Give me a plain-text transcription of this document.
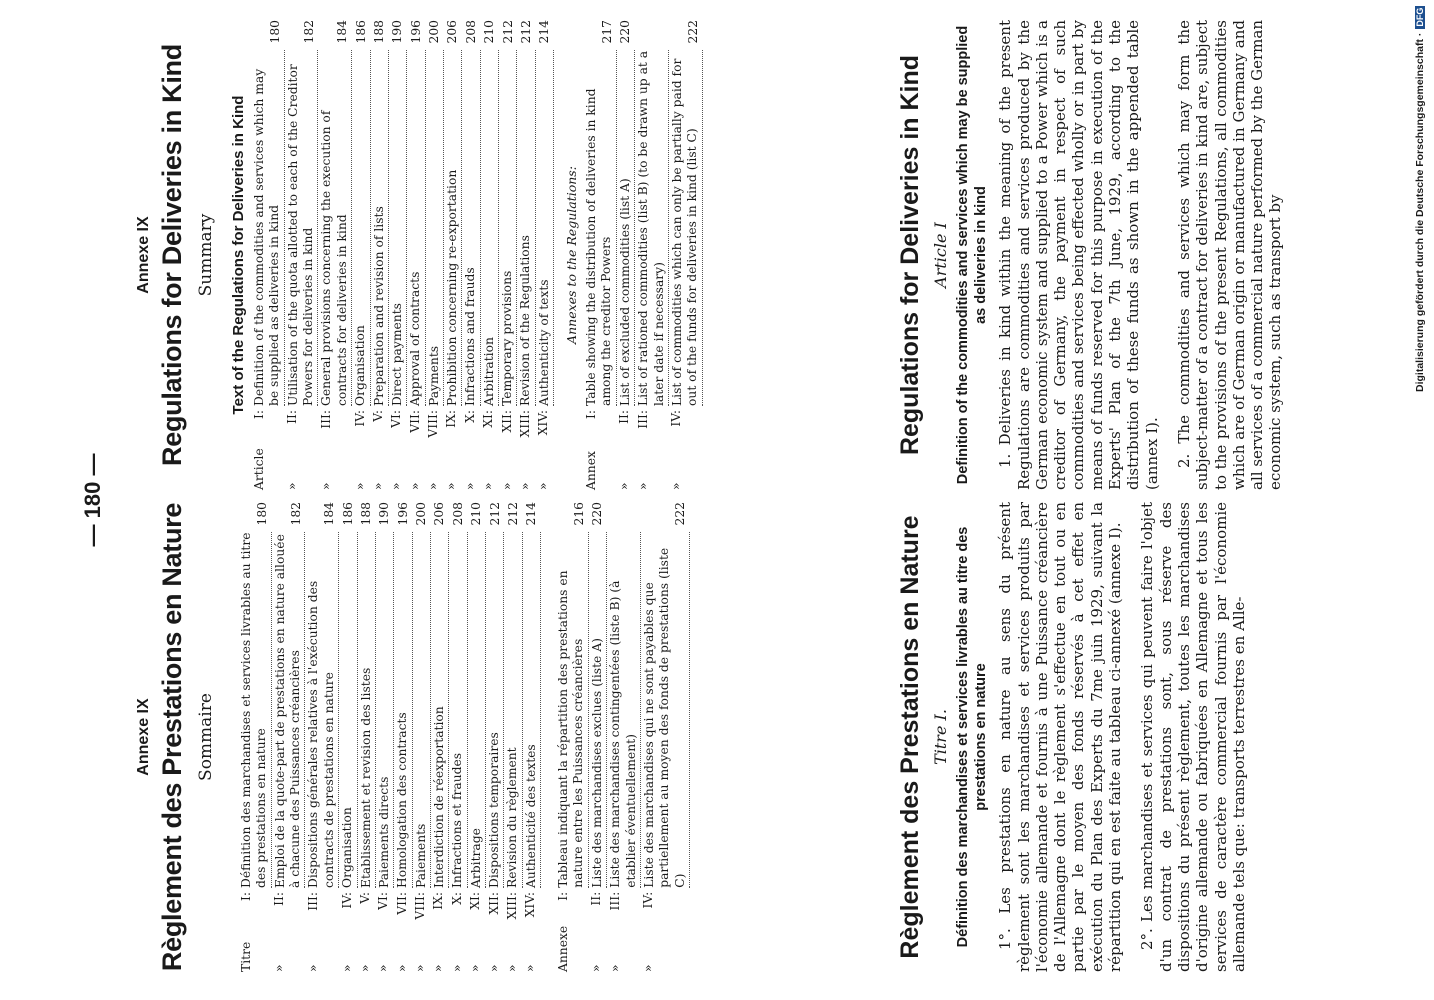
— 180 —
Annexe IX Règlement des Prestations en Nature Sommaire
Titre	I:	Définition des marchandises et services livrables au titre des prestations en nature	180
»	II:	Emploi de la quote-part de prestations en nature allouée à chacune des Puissances créancières	182
»	III:	Dispositions générales relatives à l'exécution des contracts de prestations en nature	184
»	IV:	Organisation	186
»	V:	Etablissement et revision des listes	188
»	VI:	Paiements directs	190
»	VII:	Homologation des contracts	196
»	VIII:	Paiements	200
»	IX:	Interdiction de réexportation	206
»	X:	Infractions et fraudes	208
»	XI:	Arbitrage	210
»	XII:	Dispositions temporaires	212
»	XIII:	Revision du règlement	212
»	XIV:	Authenticité des textes	214
Annexe	I:	Tableau indiquant la répartition des prestations en nature entre les Puissances créancières	216
»	II:	Liste des marchandises exclues (liste A)	220
»	III:	Liste des marchandises contingentées (liste B) (à etablier éventuellement)	
»	IV:	Liste des marchandises qui ne sont payables que partiellement au moyen des fonds de prestations (liste C)	222
Annexe IX Regulations for Deliveries in Kind Summary Text of the Regulations for Deliveries in Kind
Article	I:	Definition of the commodities and services which may be supplied as deliveries in kind	180
»	II:	Utilisation of the quota allotted to each of the Creditor Powers for deliveries in kind	182
»	III:	General provisions concerning the execution of contracts for deliveries in kind	184
»	IV:	Organisation	186
»	V:	Preparation and revision of lists	188
»	VI:	Direct payments	190
»	VII:	Approval of contracts	196
»	VIII:	Payments	200
»	IX:	Prohibition concerning re-exportation	206
»	X:	Infractions and frauds	208
»	XI:	Arbitration	210
»	XII:	Temporary provisions	212
»	XIII:	Revision of the Regulations	212
»	XIV:	Authenticity of texts	214
Annexes to the Regulations:
Annex	I:	Table showing the distribution of deliveries in kind among the creditor Powers	217
»	II:	List of excluded commodities (list A)	220
»	III:	List of rationed commodities (list B) (to be drawn up at a later date if necessary)	
»	IV:	List of commodities which can only be partially paid for out of the funds for deliveries in kind (list C)	222
Règlement des Prestations en Nature Titre I. Définition des marchandises et services livrables au titre des prestations en nature 1°. Les prestations en nature au sens du présent règlement sont les marchandises et services produits par l'économie allemande et fournis à une Puissance créancière de l'Allemagne dont le règlement s'effectue en tout ou en partie par le moyen des fonds réservés à cet effet en exécution du Plan des Experts du 7me juin 1929, suivant la répartition qui en est faite au tableau ci-annexé (annexe I). 2°. Les marchandises et services qui peuvent faire l'objet d'un contrat de prestations sont, sous réserve des dispositions du présent règlement, toutes les marchandises d'origine allemande ou fabriquées en Allemagne et tous les services de caractère commercial fournis par l'économie allemande tels que: transports terrestres en Alle-

Regulations for Deliveries in Kind Article I Definition of the commodities and services which may be supplied as deliveries in kind 1. Deliveries in kind within the meaning of the present Regulations are commodities and services produced by the German economic system and supplied to a Power which is a creditor of Germany, the payment in respect of such commodities and services being effected wholly or in part by means of funds reserved for this purpose in execution of the Experts' Plan of the 7th June, 1929, according to the distribution of these funds as shown in the appended table (annex I). 2. The commodities and services which may form the subject-matter of a contract for deliveries in kind are, subject to the provisions of the present Regulations, all commodities which are of German origin or manufactured in Germany and all services of a commercial nature performed by the German economic system, such as transport by	Digitalisierung gefördert durch die Deutsche Forschungsgemeinschaft ·
DFG
